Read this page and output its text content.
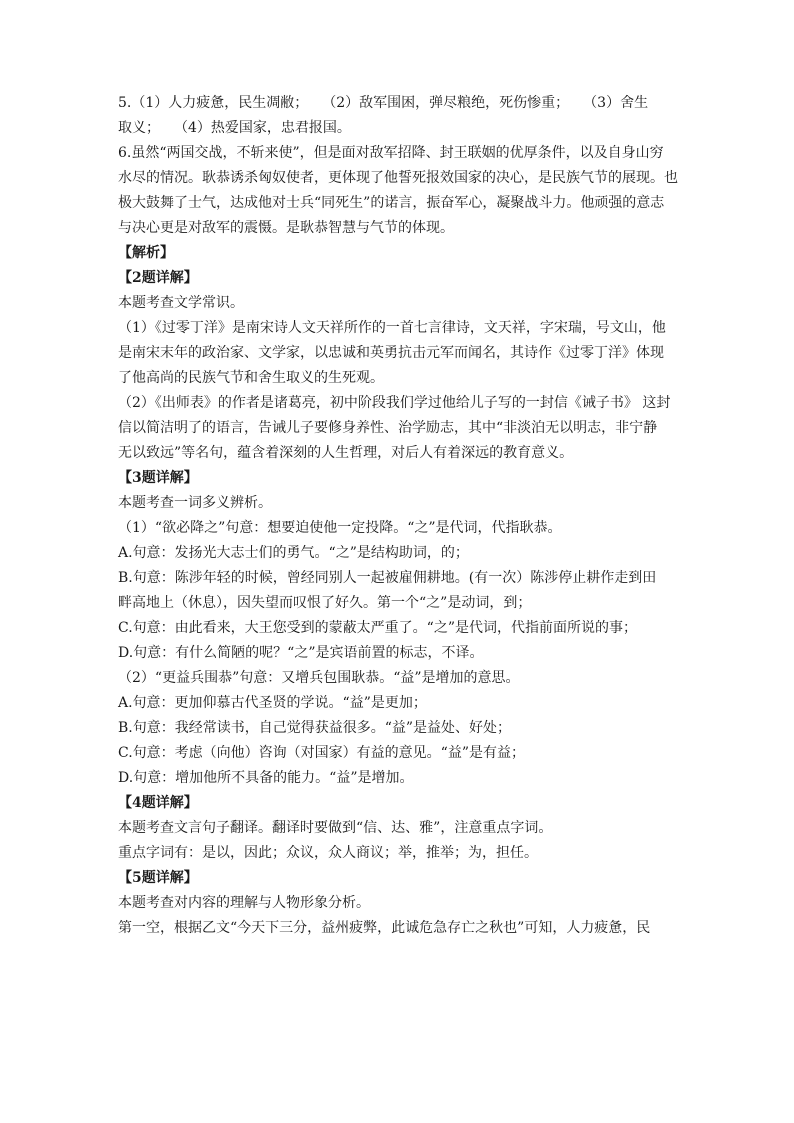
5.（1）人力疲惫，民生凋敝；　　（2）敌军围困，弹尽粮绝，死伤惨重；　　（3）舍生

取义；　　（4）热爱国家，忠君报国。

6.虽然“两国交战，不斩来使”，但是面对敌军招降、封王联姻的优厚条件，以及自身山穷

水尽的情况。耿恭诱杀匈奴使者，更体现了他誓死报效国家的决心，是民族气节的展现。也

极大鼓舞了士气，达成他对士兵“同死生”的诺言，振奋军心，凝聚战斗力。他顽强的意志

与决心更是对敌军的震慑。是耿恭智慧与气节的体现。

【解析】

【2题详解】

本题考查文学常识。

（1）《过零丁洋》是南宋诗人文天祥所作的一首七言律诗，文天祥，字宋瑞，号文山，他

是南宋末年的政治家、文学家，以忠诚和英勇抗击元军而闻名，其诗作《过零丁洋》体现

了他高尚的民族气节和舍生取义的生死观。

（2）《出师表》的作者是诸葛亮，初中阶段我们学过他给儿子写的一封信《诫子书》 这封

信以简洁明了的语言，告诫儿子要修身养性、治学励志，其中“非淡泊无以明志，非宁静

无以致远”等名句，蕴含着深刻的人生哲理，对后人有着深远的教育意义。

【3题详解】

本题考查一词多义辨析。

（1）“欲必降之”句意：想要迫使他一定投降。“之”是代词，代指耿恭。

A.句意：发扬光大志士们的勇气。“之”是结构助词，的；

B.句意：陈涉年轻的时候，曾经同别人一起被雇佣耕地。(有一次）陈涉停止耕作走到田

畔高地上（休息），因失望而叹恨了好久。第一个“之”是动词，到；

C.句意：由此看来，大王您受到的蒙蔽太严重了。“之”是代词，代指前面所说的事；

D.句意：有什么简陋的呢？“之”是宾语前置的标志，不译。

（2）“更益兵围恭”句意：又增兵包围耿恭。“益”是增加的意思。

A.句意：更加仰慕古代圣贤的学说。“益”是更加；

B.句意：我经常读书，自己觉得获益很多。“益”是益处、好处；

C.句意：考虑（向他）咨询（对国家）有益的意见。“益”是有益；

D.句意：增加他所不具备的能力。“益”是增加。

【4题详解】

本题考查文言句子翻译。翻译时要做到“信、达、雅”，注意重点字词。

重点字词有：是以，因此；众议，众人商议；举，推举；为，担任。

【5题详解】

本题考查对内容的理解与人物形象分析。

第一空，根据乙文“今天下三分，益州疲弊，此诚危急存亡之秋也”可知，人力疲惫，民
